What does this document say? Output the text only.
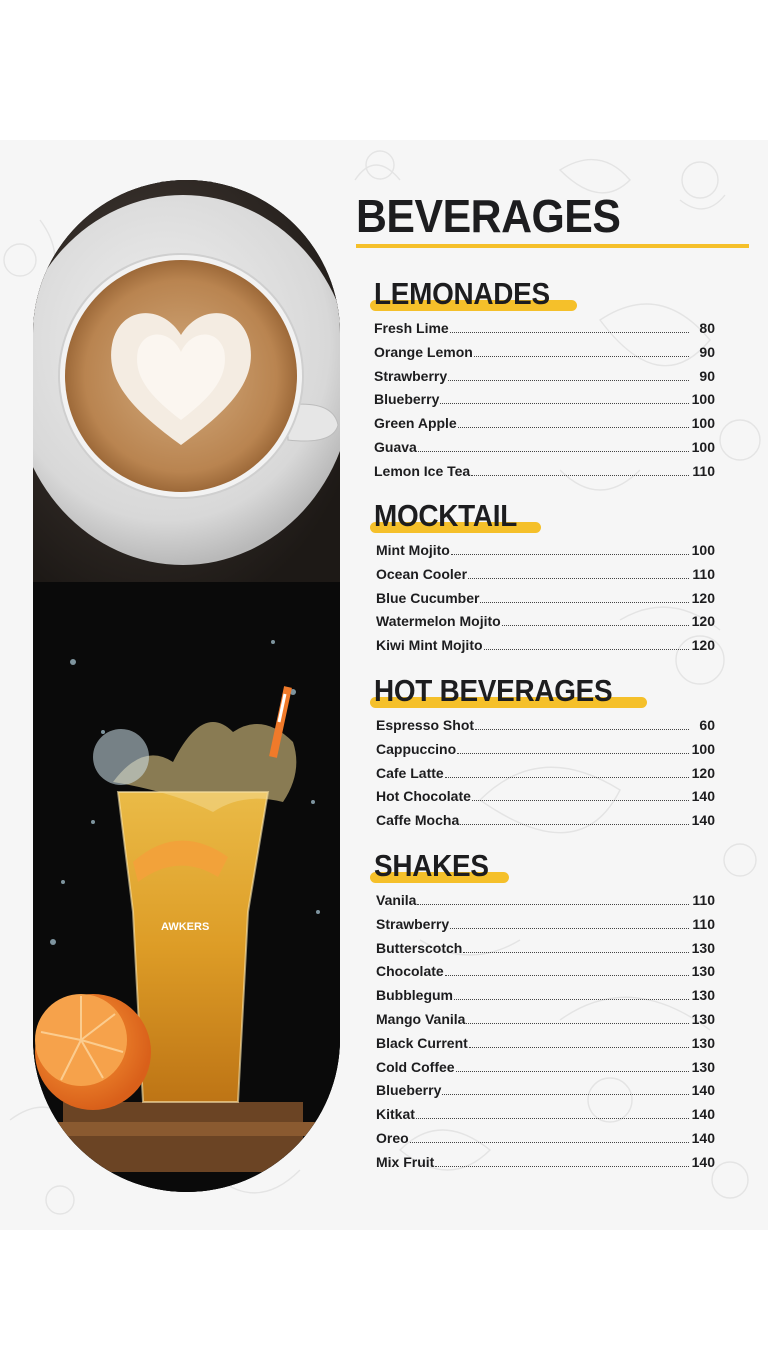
AWKERS
BEVERAGES
LEMONADES
Fresh Lime	80
Orange Lemon	90
Strawberry	90
Blueberry	100
Green Apple	100
Guava	100
Lemon Ice Tea	110
MOCKTAIL
Mint Mojito	100
Ocean Cooler	110
Blue Cucumber	120
Watermelon Mojito	120
Kiwi Mint Mojito	120
HOT BEVERAGES
Espresso Shot	60
Cappuccino	100
Cafe Latte	120
Hot Chocolate	140
Caffe Mocha	140
SHAKES
Vanila	110
Strawberry	110
Butterscotch	130
Chocolate	130
Bubblegum	130
Mango Vanila	130
Black Current	130
Cold Coffee	130
Blueberry	140
Kitkat	140
Oreo	140
Mix Fruit	140
